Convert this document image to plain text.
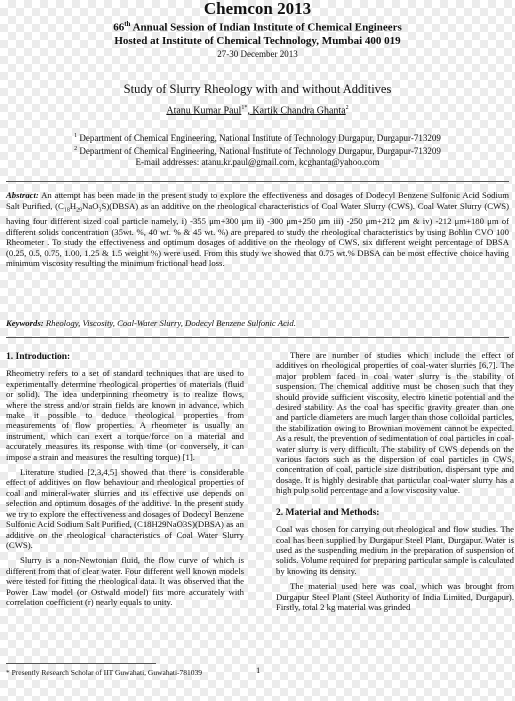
Chemcon 2013
66th Annual Session of Indian Institute of Chemical Engineers
Hosted at Institute of Chemical Technology, Mumbai 400 019
27-30 December 2013
Study of Slurry Rheology with and without Additives
Atanu Kumar Paul$^{1*}$, Kartik Chandra Ghanta$^2$
$^1$ Department of Chemical Engineering, National Institute of Technology Durgapur, Durgapur-713209
$^2$ Department of Chemical Engineering, National Institute of Technology Durgapur, Durgapur-713209
E-mail addresses: atanu.kr.paul@gmail.com, kcghanta@yahoo.com
Abstract: An attempt has been made in the present study to explore the effectiveness and dosages of Dodecyl Benzene Sulfonic Acid Sodium Salt Purified, $(C_{18}H_{29}NaO_3S)(DBSA)$ as an additive on the rheological characteristics of Coal Water Slurry (CWS). Coal Water Slurry (CWS) having four different sized coal particle namely, i) -355 μm+300 μm ii) -300 μm+250 μm iii) -250 μm+212 μm & iv) -212 μm+180 μm of different solids concentration (35wt. %, 40 wt. % & 45 wt. %) are prepared to study the rheological characteristics by using Bohlin CVO 100 Rheometer . To study the effectiveness and optimum dosages of additive on the rheology of CWS, six different weight percentage of DBSA (0.25, 0.5, 0.75, 1.00, 1.25 & 1.5 weight %) were used. From this study we showed that 0.75 wt.% DBSA can be most effective choice having minimum viscosity resulting the minimum frictional head loss.
Keywords: Rheology, Viscosity, Coal-Water Slurry, Dodecyl Benzene Sulfonic Acid.
1. Introduction:

Rheometry refers to a set of standard techniques that are used to experimentally determine rheological properties of materials (fluid or solid). The idea underpinning rheometry is to realize flows, where the stress and/or strain fields are known in advance, which make it possible to deduce rheological properties from measurements of flow properties. A rheometer is usually an instrument, which can exert a torque/force on a material and accurately measures its response with time (or conversely, it can impose a strain and measures the resulting torque) [1].

Literature studied [2,3,4,5] showed that there is considerable effect of additives on flow behaviour and rheological properties of coal and mineral-water slurries and its effective use depends on selection and optimum dosages of the additive. In the present study we try to explore the effectiveness and dosages of Dodecyl Benzene Sulfonic Acid Sodium Salt Purified, (C18H29NaO3S)(DBSA) as an additive on the rheological characteristics of Coal Water Slurry (CWS).

Slurry is a non-Newtonian fluid, the flow curve of which is different from that of clear water. Four different well known models were tested for fitting the rheological data. It was observed that the Power Law model (or Ostwald model) fits more accurately with correlation coefficient (r) nearly equals to unity.

There are number of studies which include the effect of additives on rheological properties of coal-water slurries [6,7]. The major problem faced in coal water slurry is the stability of suspension. The chemical additive must be chosen such that they should provide sufficient viscosity, electro kinetic potential and the desired stability. As the coal has specific gravity greater than one and particle diameters are much larger than those colloidal particles, the stabilization owing to Brownian movement cannot be expected. As a result, the prevention of sedimentation of coal particles in coal-water slurry is very difficult. The stability of CWS depends on the various factors such as the dispersion of coal particles in CWS, concentration of coal, particle size distribution, dispersant type and dosage. It is highly desirable that particular coal-water slurry has a high pulp solid percentage and a low viscosity value.

2. Material and Methods:

Coal was chosen for carrying out rheological and flow studies. The coal has been supplied by Durgapur Steel Plant, Durgapur. Water is used as the suspending medium in the preparation of suspension of solids. Volume required for preparing particular sample is calculated by knowing its density.

The material used here was coal, which was brought from Durgapur Steel Plant (Steel Authority of India Limited, Durgapur). Firstly, total 2 kg material was grinded

1
* Presently Research Scholar of IIT Guwahati, Guwahati-781039
